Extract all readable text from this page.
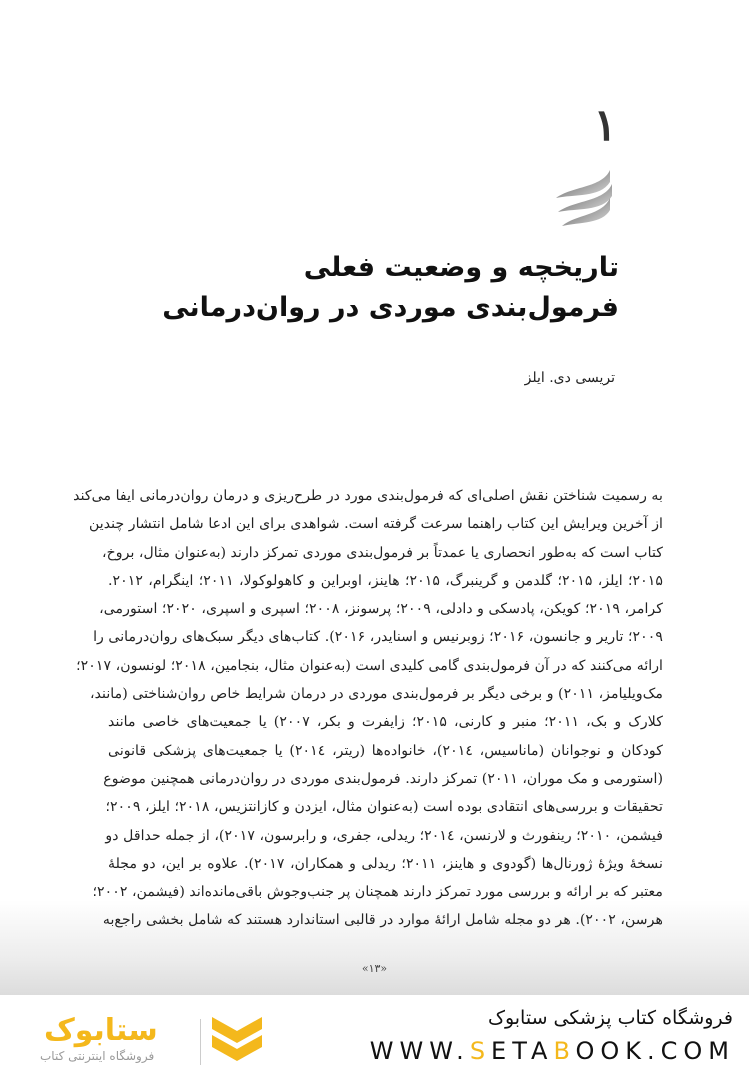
۱
تاریخچه و وضعیت فعلی
فرمول‌بندی موردی در روان‌درمانی
تریسی دی. ایلز
به رسمیت شناختن نقش اصلی‌ای که فرمول‌بندی مورد در طرح‌ریزی و درمان روان‌درمانی ایفا می‌کند
از آخرین ویرایش این کتاب راهنما سرعت گرفته است. شواهدی برای این ادعا شامل انتشار چندین
کتاب است که به‌طور انحصاری یا عمدتاً بر فرمول‌بندی موردی تمرکز دارند (به‌عنوان مثال، بروخ،
۲۰۱۵؛ ایلز، ۲۰۱۵؛ گلدمن و گرینبرگ، ۲۰۱۵؛ هاینز، اوبراین و کاهولوکولا، ۲۰۱۱؛ اینگرام، ۲۰۱۲.
کرامر، ۲۰۱۹؛ کویکن، پادسکی و دادلی، ۲۰۰۹؛ پرسونز، ۲۰۰۸؛ اسپری و اسپری، ۲۰۲۰؛ استورمی،
۲۰۰۹؛ تاریر و جانسون، ۲۰۱۶؛ زوبرنیس و اسنایدر، ۲۰۱۶). کتاب‌های دیگر سبک‌های روان‌درمانی را
ارائه می‌کنند که در آن فرمول‌بندی گامی کلیدی است (به‌عنوان مثال، بنجامین، ۲۰۱۸؛ لونسون، ۲۰۱۷؛
مک‌ویلیامز، ۲۰۱۱) و برخی دیگر بر فرمول‌بندی موردی در درمان شرایط خاص روان‌شناختی (مانند،
کلارک و بک، ۲۰۱۱؛ منبر و کارنی، ۲۰۱۵؛ زایفرت و بکر، ۲۰۰۷) یا جمعیت‌های خاصی مانند
کودکان و نوجوانان (ماناسیس، ۲۰۱٤)، خانواده‌ها (ریتر، ۲۰۱٤) یا جمعیت‌های پزشکی قانونی
(استورمی و مک موران، ۲۰۱۱) تمرکز دارند. فرمول‌بندی موردی در روان‌درمانی همچنین موضوع
تحقیقات و بررسی‌های انتقادی بوده است (به‌عنوان مثال، ایزدن و کازانتزیس، ۲۰۱۸؛ ایلز، ۲۰۰۹؛
فیشمن، ۲۰۱۰؛ رینفورث و لارنسن، ۲۰۱٤؛ ریدلی، جفری، و رابرسون، ۲۰۱۷)، از جمله حداقل دو
نسخهٔ ویژهٔ ژورنال‌ها (گودوی و هاینز، ۲۰۱۱؛ ریدلی و همکاران، ۲۰۱۷). علاوه بر این، دو مجلهٔ
معتبر که بر ارائه و بررسی مورد تمرکز دارند همچنان پر جنب‌وجوش باقی‌مانده‌اند (فیشمن، ۲۰۰۲؛
هرسن، ۲۰۰۲). هر دو مجله شامل ارائهٔ موارد در قالبی استاندارد هستند که شامل بخشی راجع‌به
«۱۳»
ستابوک
فروشگاه اینترنتی کتاب
فروشگاه کتاب پزشکی ستابوک
WWW.SETABOOK.COM
